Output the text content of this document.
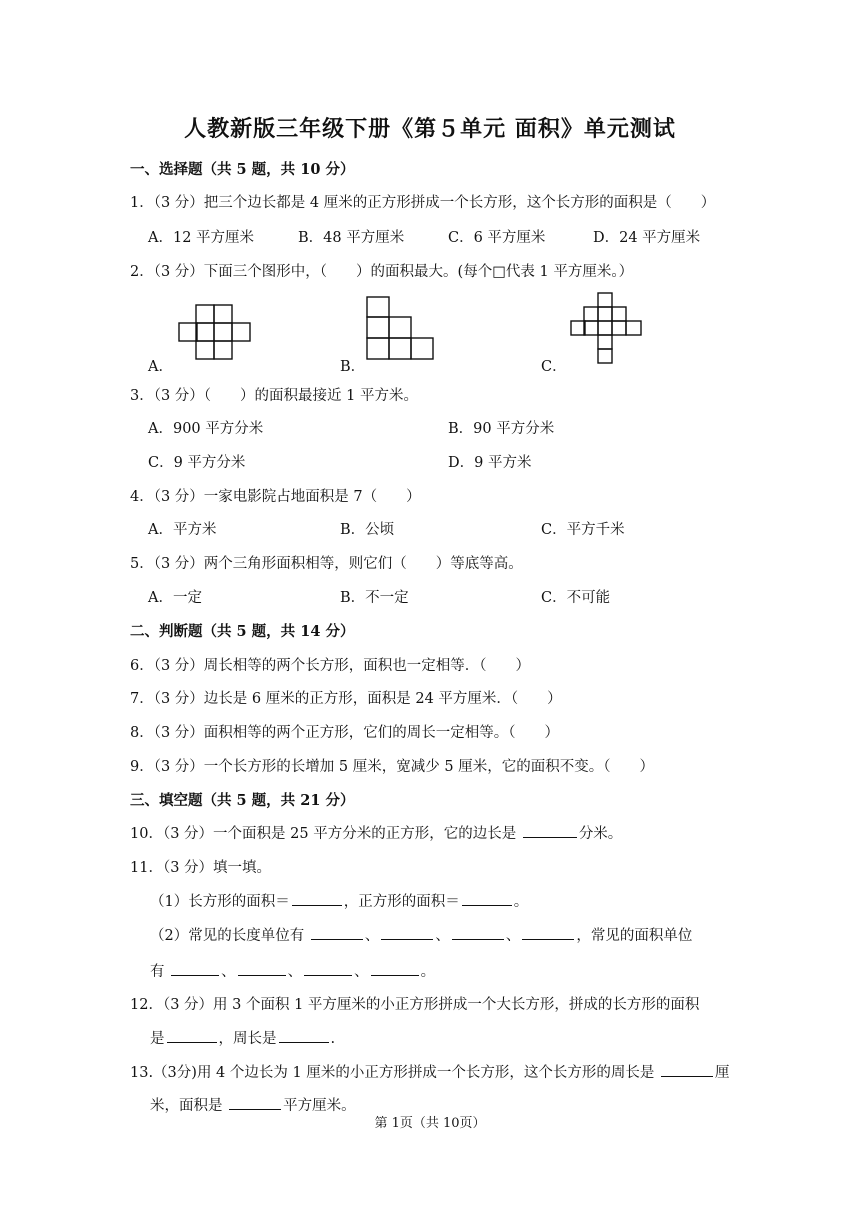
人教新版三年级下册《第５单元 面积》单元测试
一、选择题（共 5 题，共 10 分）
1．（3 分）把三个边长都是 4 厘米的正方形拼成一个长方形，这个长方形的面积是（　　）
A．12 平方厘米	B．48 平方厘米	C．6 平方厘米	D．24 平方厘米
2．（3 分）下面三个图形中，（　　）的面积最大。(每个□代表 1 平方厘米。）
A．	B．	C．
3．（3 分）（　　）的面积最接近 1 平方米。
A．900 平方分米	B．90 平方分米
C．9 平方分米	D．9 平方米
4．（3 分）一家电影院占地面积是 7（　　）
A．平方米	B．公顷	C．平方千米
5．（3 分）两个三角形面积相等，则它们（　　）等底等高。
A．一定	B．不一定	C．不可能
二、判断题（共 5 题，共 14 分）
6．（3 分）周长相等的两个长方形，面积也一定相等．（　　）
7．（3 分）边长是 6 厘米的正方形，面积是 24 平方厘米．（　　）
8．（3 分）面积相等的两个正方形，它们的周长一定相等。（　　）
9．（3 分）一个长方形的长增加 5 厘米，宽减少 5 厘米，它的面积不变。（　　）
三、填空题（共 5 题，共 21 分）
10．（3 分）一个面积是 25 平方分米的正方形，它的边长是	分米。
11．（3 分）填一填。
（1）长方形的面积＝	，正方形的面积＝	。
（2）常见的长度单位有	、	、	、	，常见的面积单位
有	、	、	、	。
12．（3 分）用 3 个面积 1 平方厘米的小正方形拼成一个大长方形，拼成的长方形的面积
是	，周长是	.
13.（3分)用 4 个边长为 1 厘米的小正方形拼成一个长方形，这个长方形的周长是	厘
米，面积是	平方厘米。
第 1页（共 10页）
